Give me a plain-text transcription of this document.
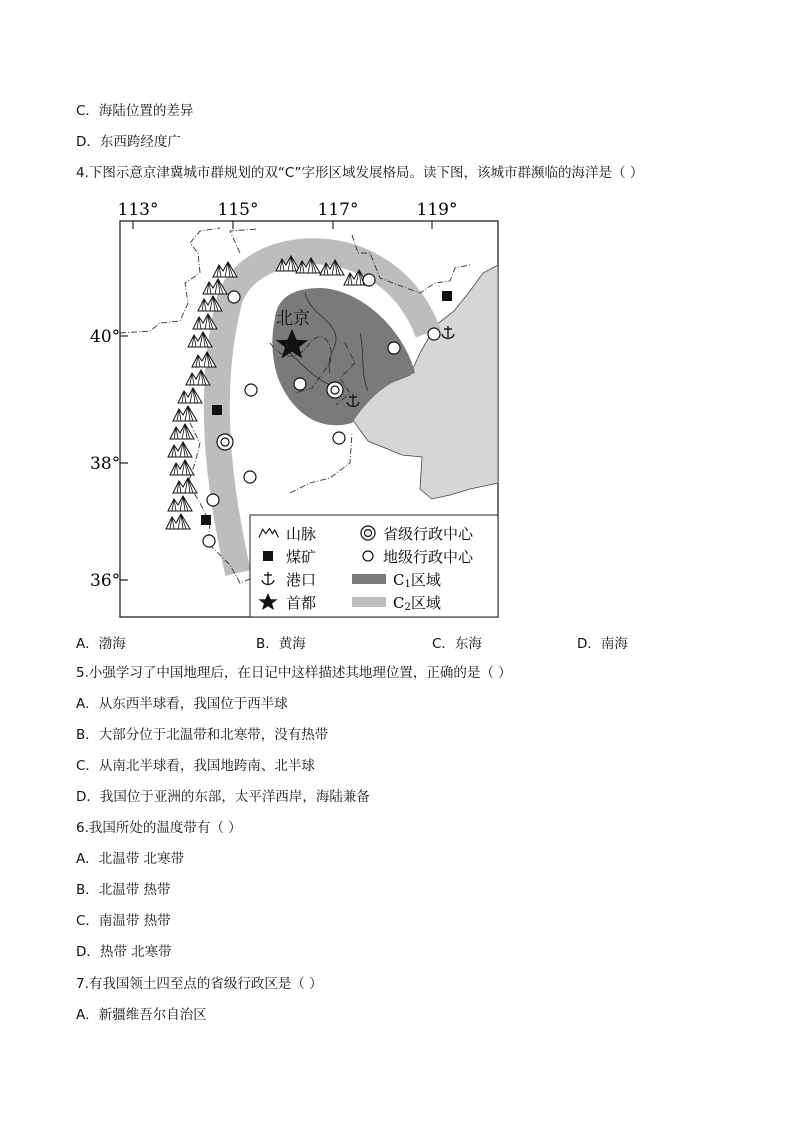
C．海陆位置的差异
D．东西跨经度广
4.下图示意京津冀城市群规划的双“C”字形区域发展格局。读下图，该城市群濒临的海洋是（ ）
113°	115°	117°	119°
40°
38°
36°
北京
山脉	省级行政中心
煤矿	地级行政中心
港口	C1区域
首都	C2区域
A．渤海	B．黄海	C．东海	D．南海
5.小强学习了中国地理后，在日记中这样描述其地理位置，正确的是（ ）
A．从东西半球看，我国位于西半球
B．大部分位于北温带和北寒带，没有热带
C．从南北半球看，我国地跨南、北半球
D．我国位于亚洲的东部，太平洋西岸，海陆兼备
6.我国所处的温度带有（ ）
A．北温带 北寒带
B．北温带 热带
C．南温带 热带
D．热带 北寒带
7.有我国领土四至点的省级行政区是（ ）
A．新疆维吾尔自治区
